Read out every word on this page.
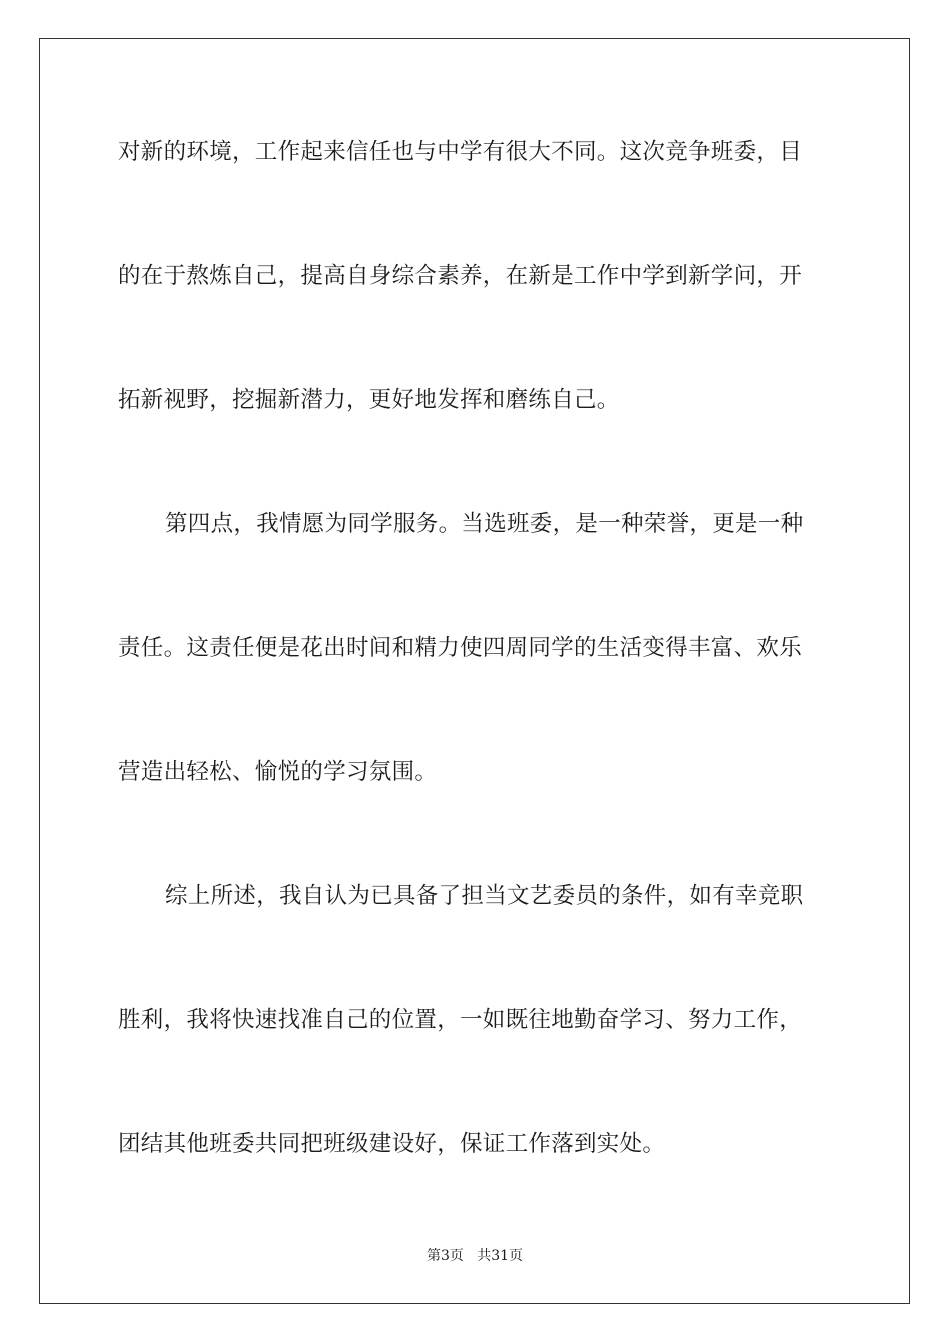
对新的环境，工作起来信任也与中学有很大不同。这次竞争班委，目
的在于熬炼自己，提高自身综合素养，在新是工作中学到新学问，开
拓新视野，挖掘新潜力，更好地发挥和磨练自己。
第四点，我情愿为同学服务。当选班委，是一种荣誉，更是一种
责任。这责任便是花出时间和精力使四周同学的生活变得丰富、欢乐
营造出轻松、愉悦的学习氛围。
综上所述，我自认为已具备了担当文艺委员的条件，如有幸竞职
胜利，我将快速找准自己的位置，一如既往地勤奋学习、努力工作，
团结其他班委共同把班级建设好，保证工作落到实处。
第3页   共31页
